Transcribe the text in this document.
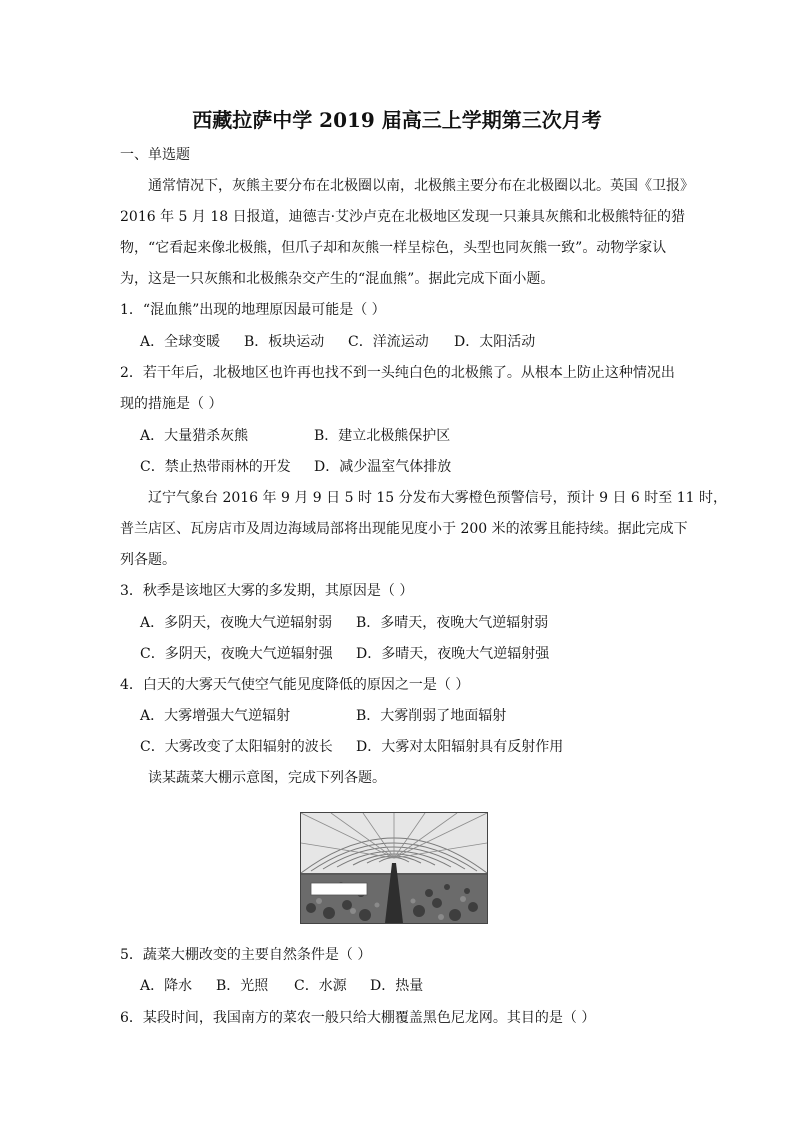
西藏拉萨中学 2019 届高三上学期第三次月考
一、单选题
通常情况下，灰熊主要分布在北极圈以南，北极熊主要分布在北极圈以北。英国《卫报》
2016 年 5 月 18 日报道，迪德吉·艾沙卢克在北极地区发现一只兼具灰熊和北极熊特征的猎
物，“它看起来像北极熊，但爪子却和灰熊一样呈棕色，头型也同灰熊一致”。动物学家认
为，这是一只灰熊和北极熊杂交产生的“混血熊”。据此完成下面小题。
1．“混血熊”出现的地理原因最可能是（ ）
A．全球变暖 B．板块运动 C．洋流运动 D．太阳活动
2．若干年后，北极地区也许再也找不到一头纯白色的北极熊了。从根本上防止这种情况出
现的措施是（ ）
A．大量猎杀灰熊	B．建立北极熊保护区
C．禁止热带雨林的开发 D．减少温室气体排放
辽宁气象台 2016 年 9 月 9 日 5 时 15 分发布大雾橙色预警信号，预计 9 日 6 时至 11 时，
普兰店区、瓦房店市及周边海域局部将出现能见度小于 200 米的浓雾且能持续。据此完成下
列各题。
3．秋季是该地区大雾的多发期，其原因是（ ）
A．多阴天，夜晚大气逆辐射弱 B．多晴天，夜晚大气逆辐射弱
C．多阴天，夜晚大气逆辐射强 D．多晴天，夜晚大气逆辐射强
4．白天的大雾天气使空气能见度降低的原因之一是（ ）
A．大雾增强大气逆辐射	B．大雾削弱了地面辐射
C．大雾改变了太阳辐射的波长 D．大雾对太阳辐射具有反射作用
读某蔬菜大棚示意图，完成下列各题。
5．蔬菜大棚改变的主要自然条件是（ ）
A．降水 B．光照 C．水源 D．热量
6．某段时间，我国南方的菜农一般只给大棚覆盖黑色尼龙网。其目的是（ ）
